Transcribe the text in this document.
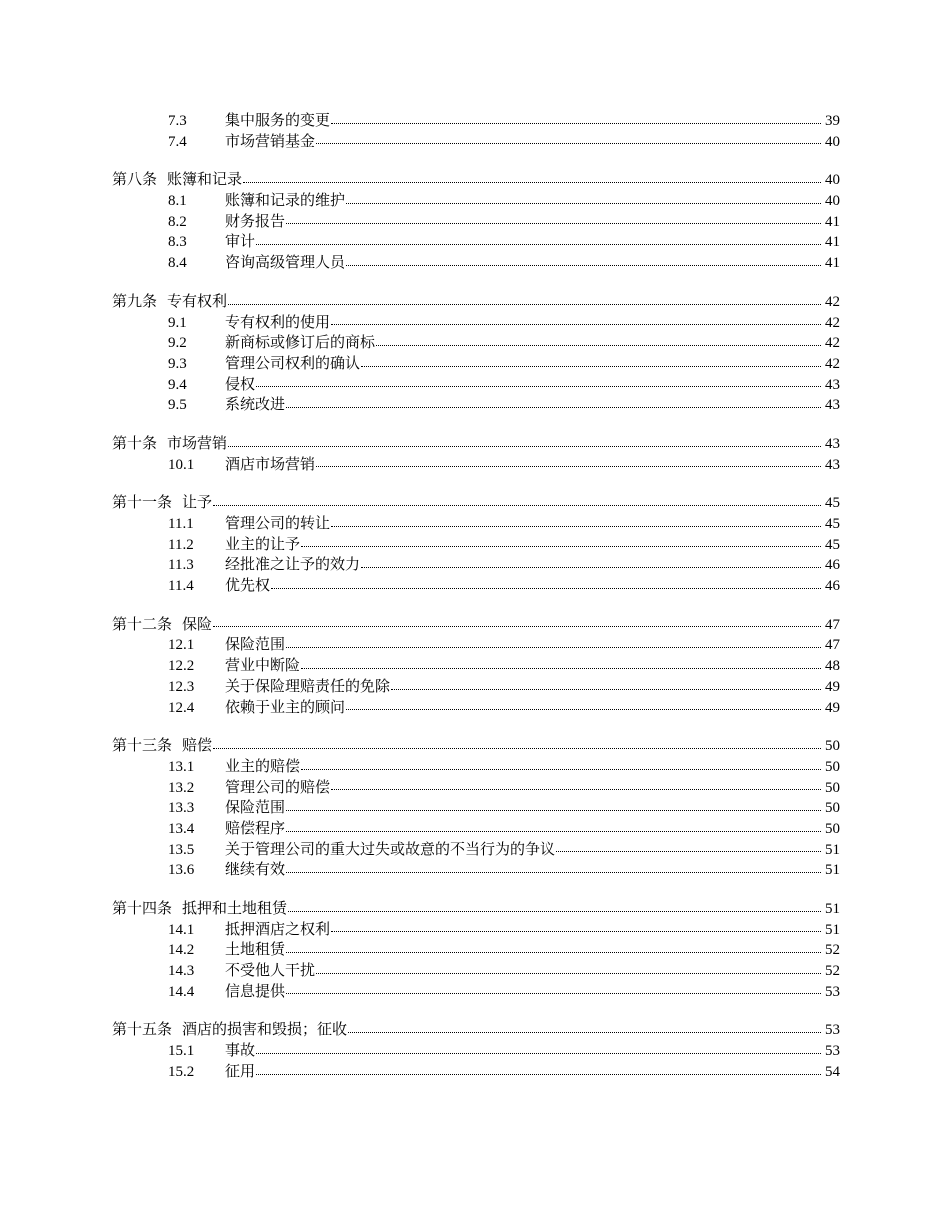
7.3	集中服务的变更	39
7.4	市场营销基金	40
第八条 账簿和记录	40
8.1	账簿和记录的维护	40
8.2	财务报告	41
8.3	审计	41
8.4	咨询高级管理人员	41
第九条 专有权利	42
9.1	专有权利的使用	42
9.2	新商标或修订后的商标	42
9.3	管理公司权利的确认	42
9.4	侵权	43
9.5	系统改进	43
第十条 市场营销	43
10.1	酒店市场营销	43
第十一条 让予	45
11.1	管理公司的转让	45
11.2	业主的让予	45
11.3	经批准之让予的效力	46
11.4	优先权	46
第十二条 保险	47
12.1	保险范围	47
12.2	营业中断险	48
12.3	关于保险理赔责任的免除	49
12.4	依赖于业主的顾问	49
第十三条 赔偿	50
13.1	业主的赔偿	50
13.2	管理公司的赔偿	50
13.3	保险范围	50
13.4	赔偿程序	50
13.5	关于管理公司的重大过失或故意的不当行为的争议	51
13.6	继续有效	51
第十四条 抵押和土地租赁	51
14.1	抵押酒店之权利	51
14.2	土地租赁	52
14.3	不受他人干扰	52
14.4	信息提供	53
第十五条 酒店的损害和毁损；征收	53
15.1	事故	53
15.2	征用	54
